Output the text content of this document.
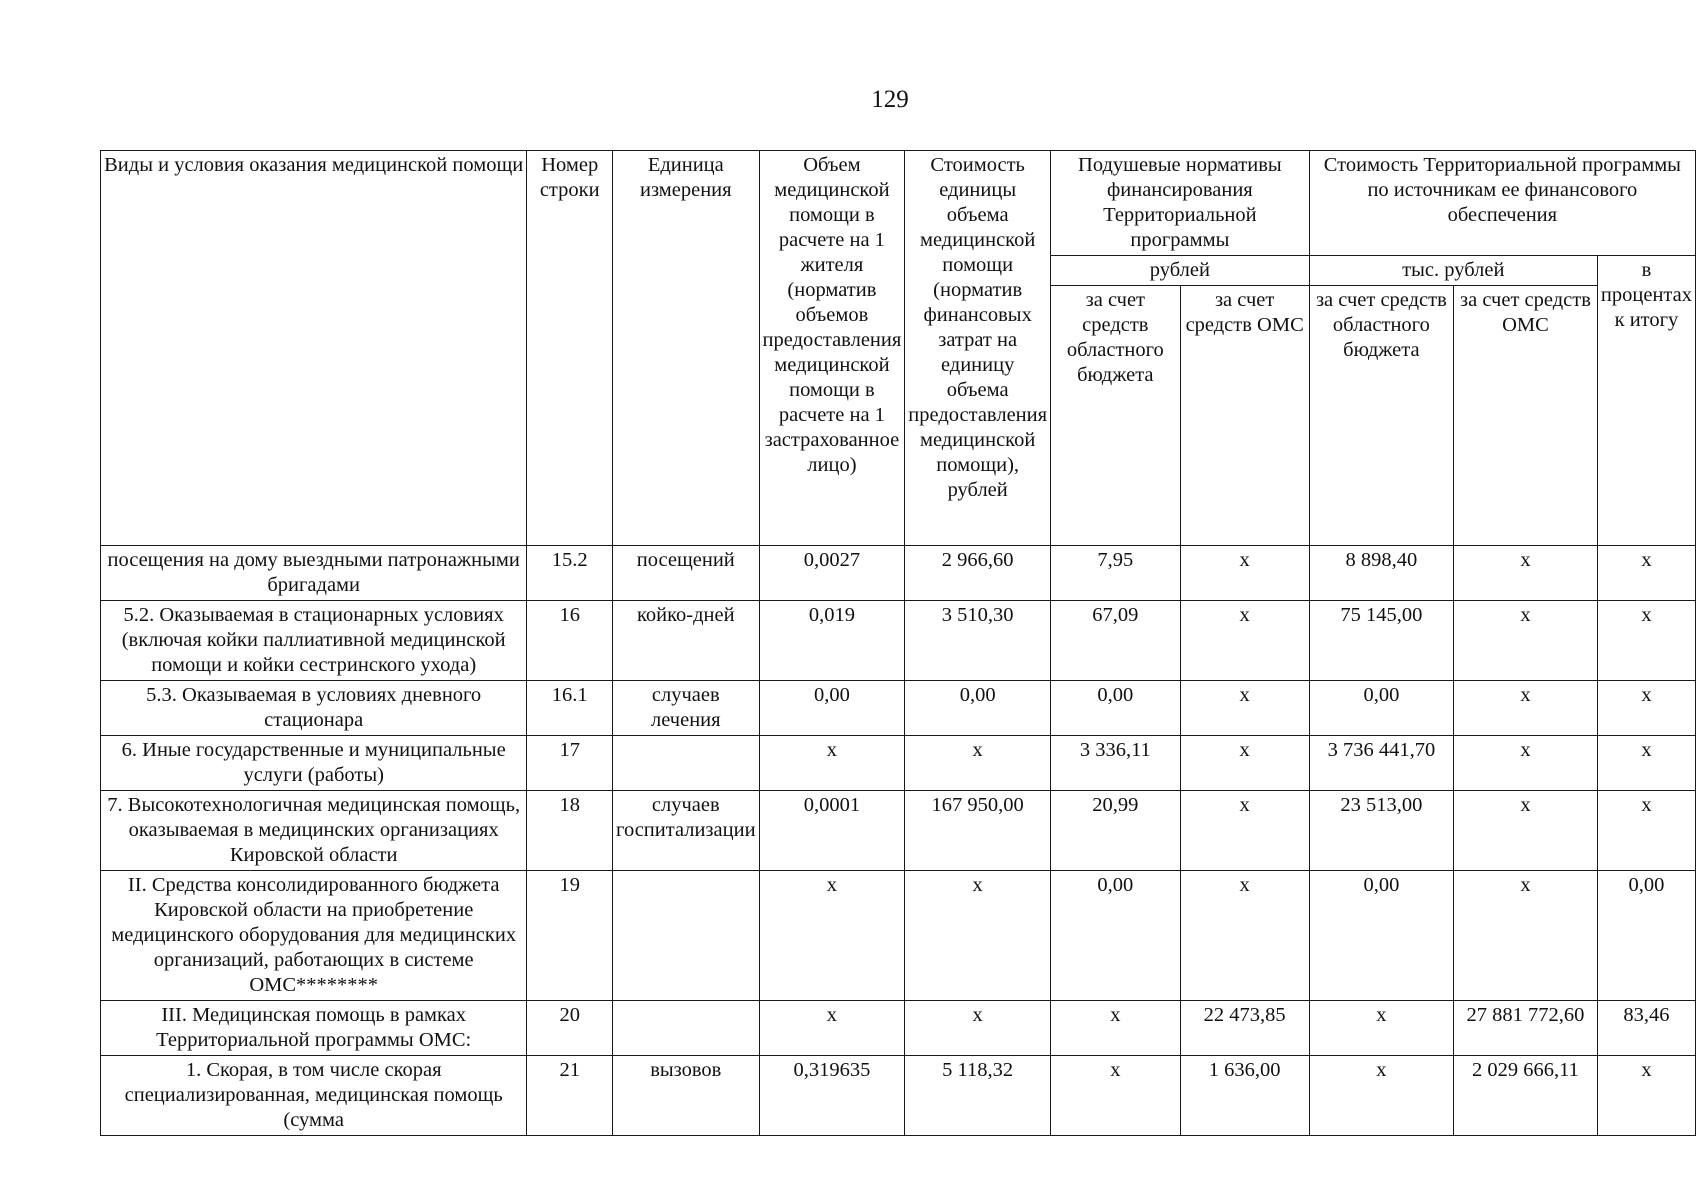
129
Виды и условия оказания медицинской помощи	Номер строки	Единица измерения	Объем медицинской помощи в расчете на 1 жителя (норматив объемов предоставления медицинской помощи в расчете на 1 застрахованное лицо)	Стоимость единицы объема медицинской помощи (норматив финансовых затрат на единицу объема предоставления медицинской помощи), рублей	Подушевые нормативы финансирования Территориальной программы		Стоимость Территориальной программы по источникам ее финансового обеспечения		
					рублей		тыс. рублей		в процентах к итогу
					за счет средств областного бюджета	за счет средств ОМС	за счет средств областного бюджета	за счет средств ОМС	
посещения на дому выездными патронажными бригадами	15.2	посещений	0,0027	2 966,60	7,95	x	8 898,40	x	x
5.2. Оказываемая в стационарных условиях (включая койки паллиативной медицинской помощи и койки сестринского ухода)	16	койко-дней	0,019	3 510,30	67,09	x	75 145,00	x	x
5.3. Оказываемая в условиях дневного стационара	16.1	случаев лечения	0,00	0,00	0,00	x	0,00	x	x
6. Иные государственные и муниципальные услуги (работы)	17		x	x	3 336,11	x	3 736 441,70	x	x
7. Высокотехнологичная медицинская помощь, оказываемая в медицинских организациях Кировской области	18	случаев госпитализации	0,0001	167 950,00	20,99	x	23 513,00	x	x
II. Средства консолидированного бюджета Кировской области на приобретение медицинского оборудования для медицинских организаций, работающих в системе ОМС********	19		x	x	0,00	x	0,00	x	0,00
III. Медицинская помощь в рамках Территориальной программы ОМС:	20		x	x	x	22 473,85	x	27 881 772,60	83,46
1. Скорая, в том числе скорая специализированная, медицинская помощь (сумма	21	вызовов	0,319635	5 118,32	x	1 636,00	x	2 029 666,11	x
